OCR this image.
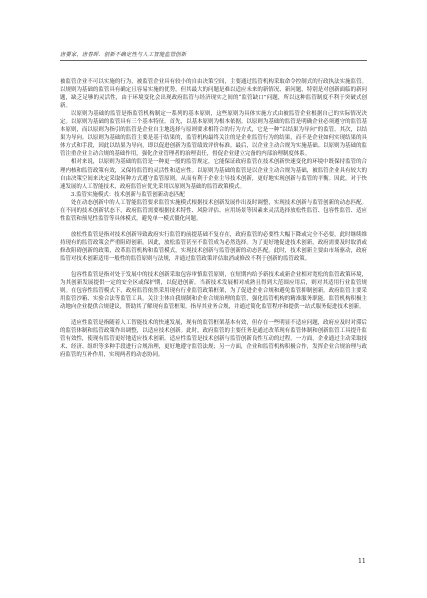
唐要家，唐春晖．创新不确定性与人工智能监管创新

被监管企业不可以实施的行为，被监管企业具有较小的自由决策空间，主要通过监管机构采取命令控制式的行政执法实施监管。以规则为基础的监管具有确定且容易实施的优势，但其最大的问题是难以适应未来的新情况、新问题，特别是对创新面临的新问题，缺乏足够的灵活性，由于环境变化会出现政府监管与经济现实之间的“监管缺口”问题，所以这种监管制度不利于突破式创新。

以原则为基础的监管是指监管机构制定一系列的基本原则，这些原则为具体实施方式由被监管企业根据自己的实际情况决定。以原则为基础的监管具有三个基本特征。首先，以基本原则为根本依据。以原则为基础的监管是明确企业必须遵守的监管基本原则，而以原则为指引的监管是企业自主地选择与原则要求相符合的行为方式，它是一种“以结果为导向”的监管。其次，以结果为导向。以原则为基础的监管主要是基于结果的，监管机构最终关注的是企业监管行为的结果，而不是企业如何实现结果的具体方式和手段，因此以结果为导向，即以促进创新为监管绩效评价标准。最后，以企业主动合规为实施基础。以原则为基础的监管注重企业主动合规的基础作用，强化企业管理者的治理责任，督促企业建立完备的内部治理制度体系。

相对来说，以原则为基础的监管是一种更一般的监管规定，它能保证政府监管在技术创新快速变化的环境中既保持监管的合理内核和监管政策有效，又保持监管的灵活性和适应性。以原则为基础的监管是以企业主动合规为基础，被监管企业具有较大的自由决策空间来决定采取何种方式遵守监管原则，从而有利于企业主导技术创新，更好地实现创新与监管的平衡。因此，对于快速发展的人工智能技术，政府监管应优先采用以原则为基础的监管政策模式。

3.监管实施模式：技术创新与监管创新动态匹配

处在动态创新中的人工智能监管要求监管实施模式根据技术创新发展作出及时调整，实现技术创新与监管创新的动态匹配。在不同的技术创新状态下，政府监管需要根据技术特性、风险评估、应用场景等因素来灵活选择放松性监管、包容性监管、适应性监管和预见性监管等具体模式，避免单一模式僵化问题。

放松性监管是指对技术创新导致政府实行监管的前提基础不复存在，政府监管的必要性大幅下降或完全不必要，此时继续维持现有的监管政策会严重阻碍创新。因此，放松监管甚至不监管成为必然选择。为了更好地促进技术创新，政府需要及时取消或修改阻碍创新的政策，改革监管机构和监管模式，实现技术创新与监管创新的动态匹配。此时，技术创新主要由市场驱动，政府监管对技术创新适用一般性的监管原则与法规，并通过监管政策评估取消或修改不利于创新的监管政策。

包容性监管是指对处于发展中的技术创新采取包容审慎监管原则，在短期内给予新技术或新企业相对宽松的监管政策环境，为其创新发展提供一定的安全区或保护期，以促进创新。当新技术发展相对成熟且得到大范围应用后，则对其适用行业监管规则。在包容性监管模式下，政府监管依然采用现有行业监管政策框架，为了促进企业合规和避免监管抑制创新，政府监管主要采用监管沙箱、实验合法等监管工具。关注主体自我规制和企业合规治理的监管，强化监管机构的精准服务职能。监管机构积极主动地向企业提供合规建议，帮助其了解现有监管框架，指导其业务合规，并通过简化监管程序和提供一站式服务促进技术创新。

适应性监管是指随着人工智能技术的快速发展，现有的监管框架基本有效，但存在一些明显不适应问题，政府应及时对滞后的监管体制和监管政策作出调整，以适应技术创新。此时，政府监管的主要任务是通过改革现有监管体制和创新监管工具提升监管有效性，使现有监管更好地适应技术创新。适应性监管是技术创新与监管创新良性互动的过程。一方面，企业通过主动采取技术、经济、组织等多种手段进行合规治理，更好地遵守监管法规；另一方面，企业和监管机构积极合作，发挥企业合规治理与政府监管的互补作用，实现两者的动态协同。

11
